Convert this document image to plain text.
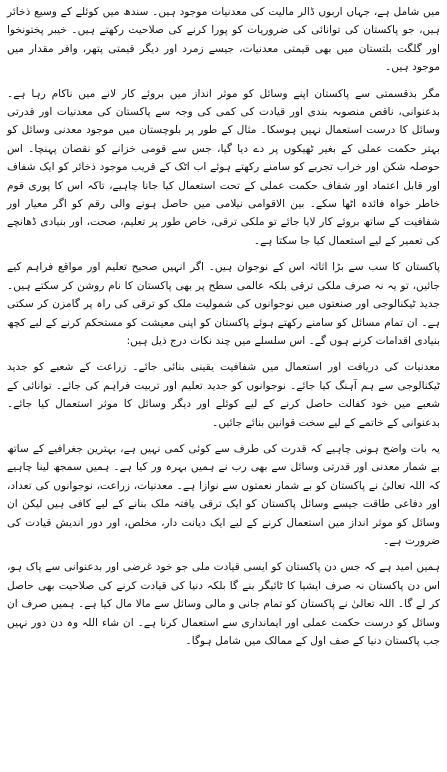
میں شامل ہے، جہاں اربوں ڈالر مالیت کی معدنیات موجود ہیں۔ سندھ میں کوئلے کے وسیع ذخائر ہیں، جو پاکستان کی توانائی کی ضروریات کو پورا کرنے کی صلاحیت رکھتے ہیں۔ خیبر پختونخوا اور گلگت بلتستان میں بھی قیمتی معدنیات، جیسے زمرد اور دیگر قیمتی پتھر، وافر مقدار میں موجود ہیں۔

مگر بدقسمتی سے پاکستان اپنے وسائل کو موثر انداز میں بروئے کار لانے میں ناکام رہا ہے۔ بدعنوانی، ناقص منصوبہ بندی اور قیادت کی کمی کی وجہ سے پاکستان کی معدنیات اور قدرتی وسائل کا درست استعمال نہیں ہوسکا۔ مثال کے طور پر بلوچستان میں موجود معدنی وسائل کو بہتر حکمت عملی کے بغیر ٹھیکوں پر دے دیا گیا، جس سے قومی خزانے کو نقصان پہنچا۔ اس حوصلہ شکن اور خراب تجربے کو سامنے رکھتے ہوئے اب اٹک کے قریب موجود ذخائر کو ایک شفاف اور قابل اعتماد اور شفاف حکمت عملی کے تحت استعمال کیا جانا چاہیے، تاکہ اس کا پوری قوم خاطر خواہ فائدہ اٹھا سکے۔ بین الاقوامی نیلامی میں حاصل ہونے والی رقم کو اگر معیار اور شفافیت کے ساتھ بروئے کار لایا جائے تو ملکی ترقی، خاص طور پر تعلیم، صحت، اور بنیادی ڈھانچے کی تعمیر کے لیے استعمال کیا جا سکتا ہے۔

پاکستان کا سب سے بڑا اثاثہ اس کے نوجوان ہیں۔ اگر انہیں صحیح تعلیم اور مواقع فراہم کیے جائیں، تو یہ نہ صرف ملکی ترقی بلکہ عالمی سطح پر بھی پاکستان کا نام روشن کر سکتے ہیں۔ جدید ٹیکنالوجی اور صنعتوں میں نوجوانوں کی شمولیت ملک کو ترقی کی راہ پر گامزن کر سکتی ہے۔ ان تمام مسائل کو سامنے رکھتے ہوئے پاکستان کو اپنی معیشت کو مستحکم کرنے کے لیے کچھ بنیادی اقدامات کرنے ہوں گے۔ اس سلسلے میں چند نکات درج ذیل ہیں:

معدنیات کی دریافت اور استعمال میں شفافیت یقینی بنائی جائے۔ زراعت کے شعبے کو جدید ٹیکنالوجی سے ہم آہنگ کیا جائے۔ نوجوانوں کو جدید تعلیم اور تربیت فراہم کی جائے۔ توانائی کے شعبے میں خود کفالت حاصل کرنے کے لیے کوئلے اور دیگر وسائل کا موثر استعمال کیا جائے۔ بدعنوانی کے خاتمے کے لیے سخت قوانین بنائے جائیں۔

یہ بات واضح ہونی چاہیے کہ قدرت کی طرف سے کوئی کمی نہیں ہے، بہترین جغرافیے کے ساتھ بے شمار معدنی اور قدرتی وسائل سے بھی رب نے ہمیں بہرہ ور کیا ہے۔ ہمیں سمجھ لینا چاہیے کہ اللہ تعالیٰ نے پاکستان کو بے شمار نعمتوں سے نوازا ہے۔ معدنیات، زراعت، نوجوانوں کی تعداد، اور دفاعی طاقت جیسے وسائل پاکستان کو ایک ترقی یافتہ ملک بنانے کے لیے کافی ہیں لیکن ان وسائل کو موثر انداز میں استعمال کرنے کے لیے ایک دیانت دار، مخلص، اور دور اندیش قیادت کی ضرورت ہے۔

ہمیں امید ہے کہ جس دن پاکستان کو ایسی قیادت ملی جو خود غرضی اور بدعنوانی سے پاک ہو، اس دن پاکستان نہ صرف ایشیا کا ٹائیگر بنے گا بلکہ دنیا کی قیادت کرنے کی صلاحیت بھی حاصل کر لے گا۔ اللہ تعالیٰ نے پاکستان کو تمام جانی و مالی وسائل سے مالا مال کیا ہے۔ ہمیں صرف ان وسائل کو درست حکمت عملی اور ایمانداری سے استعمال کرنا ہے۔ ان شاء اللہ وہ دن دور نہیں جب پاکستان دنیا کے صف اول کے ممالک میں شامل ہوگا۔
